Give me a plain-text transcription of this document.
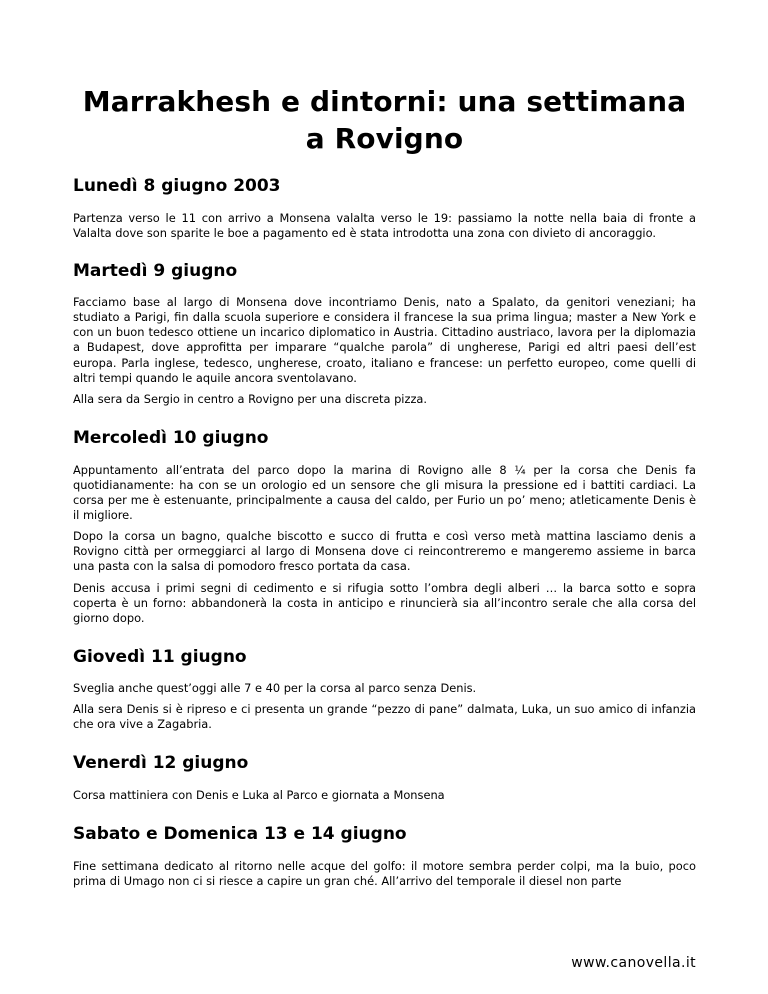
Marrakhesh e dintorni: una settimana a Rovigno
Lunedì 8 giugno 2003

Partenza verso le 11 con arrivo a Monsena valalta verso le 19: passiamo la notte nella baia di fronte a Valalta dove son sparite le boe a pagamento ed è stata introdotta una zona con divieto di ancoraggio.

Martedì 9 giugno

Facciamo base al largo di Monsena dove incontriamo Denis, nato a Spalato, da genitori veneziani; ha studiato a Parigi, fin dalla scuola superiore e considera il francese la sua prima lingua; master a New York e con un buon tedesco ottiene un incarico diplomatico in Austria. Cittadino austriaco, lavora per la diplomazia a Budapest, dove approfitta per imparare “qualche parola” di ungherese, Parigi ed altri paesi dell’est europa. Parla inglese, tedesco, ungherese, croato, italiano e francese: un perfetto europeo, come quelli di altri tempi quando le aquile ancora sventolavano.

Alla sera da Sergio in centro a Rovigno per una discreta pizza.

Mercoledì 10 giugno

Appuntamento all’entrata del parco dopo la marina di Rovigno alle 8 ¼ per la corsa che Denis fa quotidianamente: ha con se un orologio ed un sensore che gli misura la pressione ed i battiti cardiaci. La corsa per me è estenuante, principalmente a causa del caldo, per Furio un po’ meno; atleticamente Denis è il migliore.

Dopo la corsa un bagno, qualche biscotto e succo di frutta e così verso metà mattina lasciamo denis a Rovigno città per ormeggiarci al largo di Monsena dove ci reincontreremo e mangeremo assieme in barca una pasta con la salsa di pomodoro fresco portata da casa.

Denis accusa i primi segni di cedimento e si rifugia sotto l’ombra degli alberi … la barca sotto e sopra coperta è un forno: abbandonerà la costa in anticipo e rinuncierà sia all’incontro serale che alla corsa del giorno dopo.

Giovedì 11 giugno

Sveglia anche quest’oggi alle 7 e 40 per la corsa al parco senza Denis.

Alla sera Denis si è ripreso e ci presenta un grande “pezzo di pane” dalmata, Luka, un suo amico di infanzia che ora vive a Zagabria.

Venerdì 12 giugno

Corsa mattiniera con Denis e Luka al Parco e giornata a Monsena

Sabato e Domenica 13 e 14 giugno

Fine settimana dedicato al ritorno nelle acque del golfo: il motore sembra perder colpi, ma la buio, poco prima di Umago non ci si riesce a capire un gran ché. All’arrivo del temporale il diesel non parte

www.canovella.it
